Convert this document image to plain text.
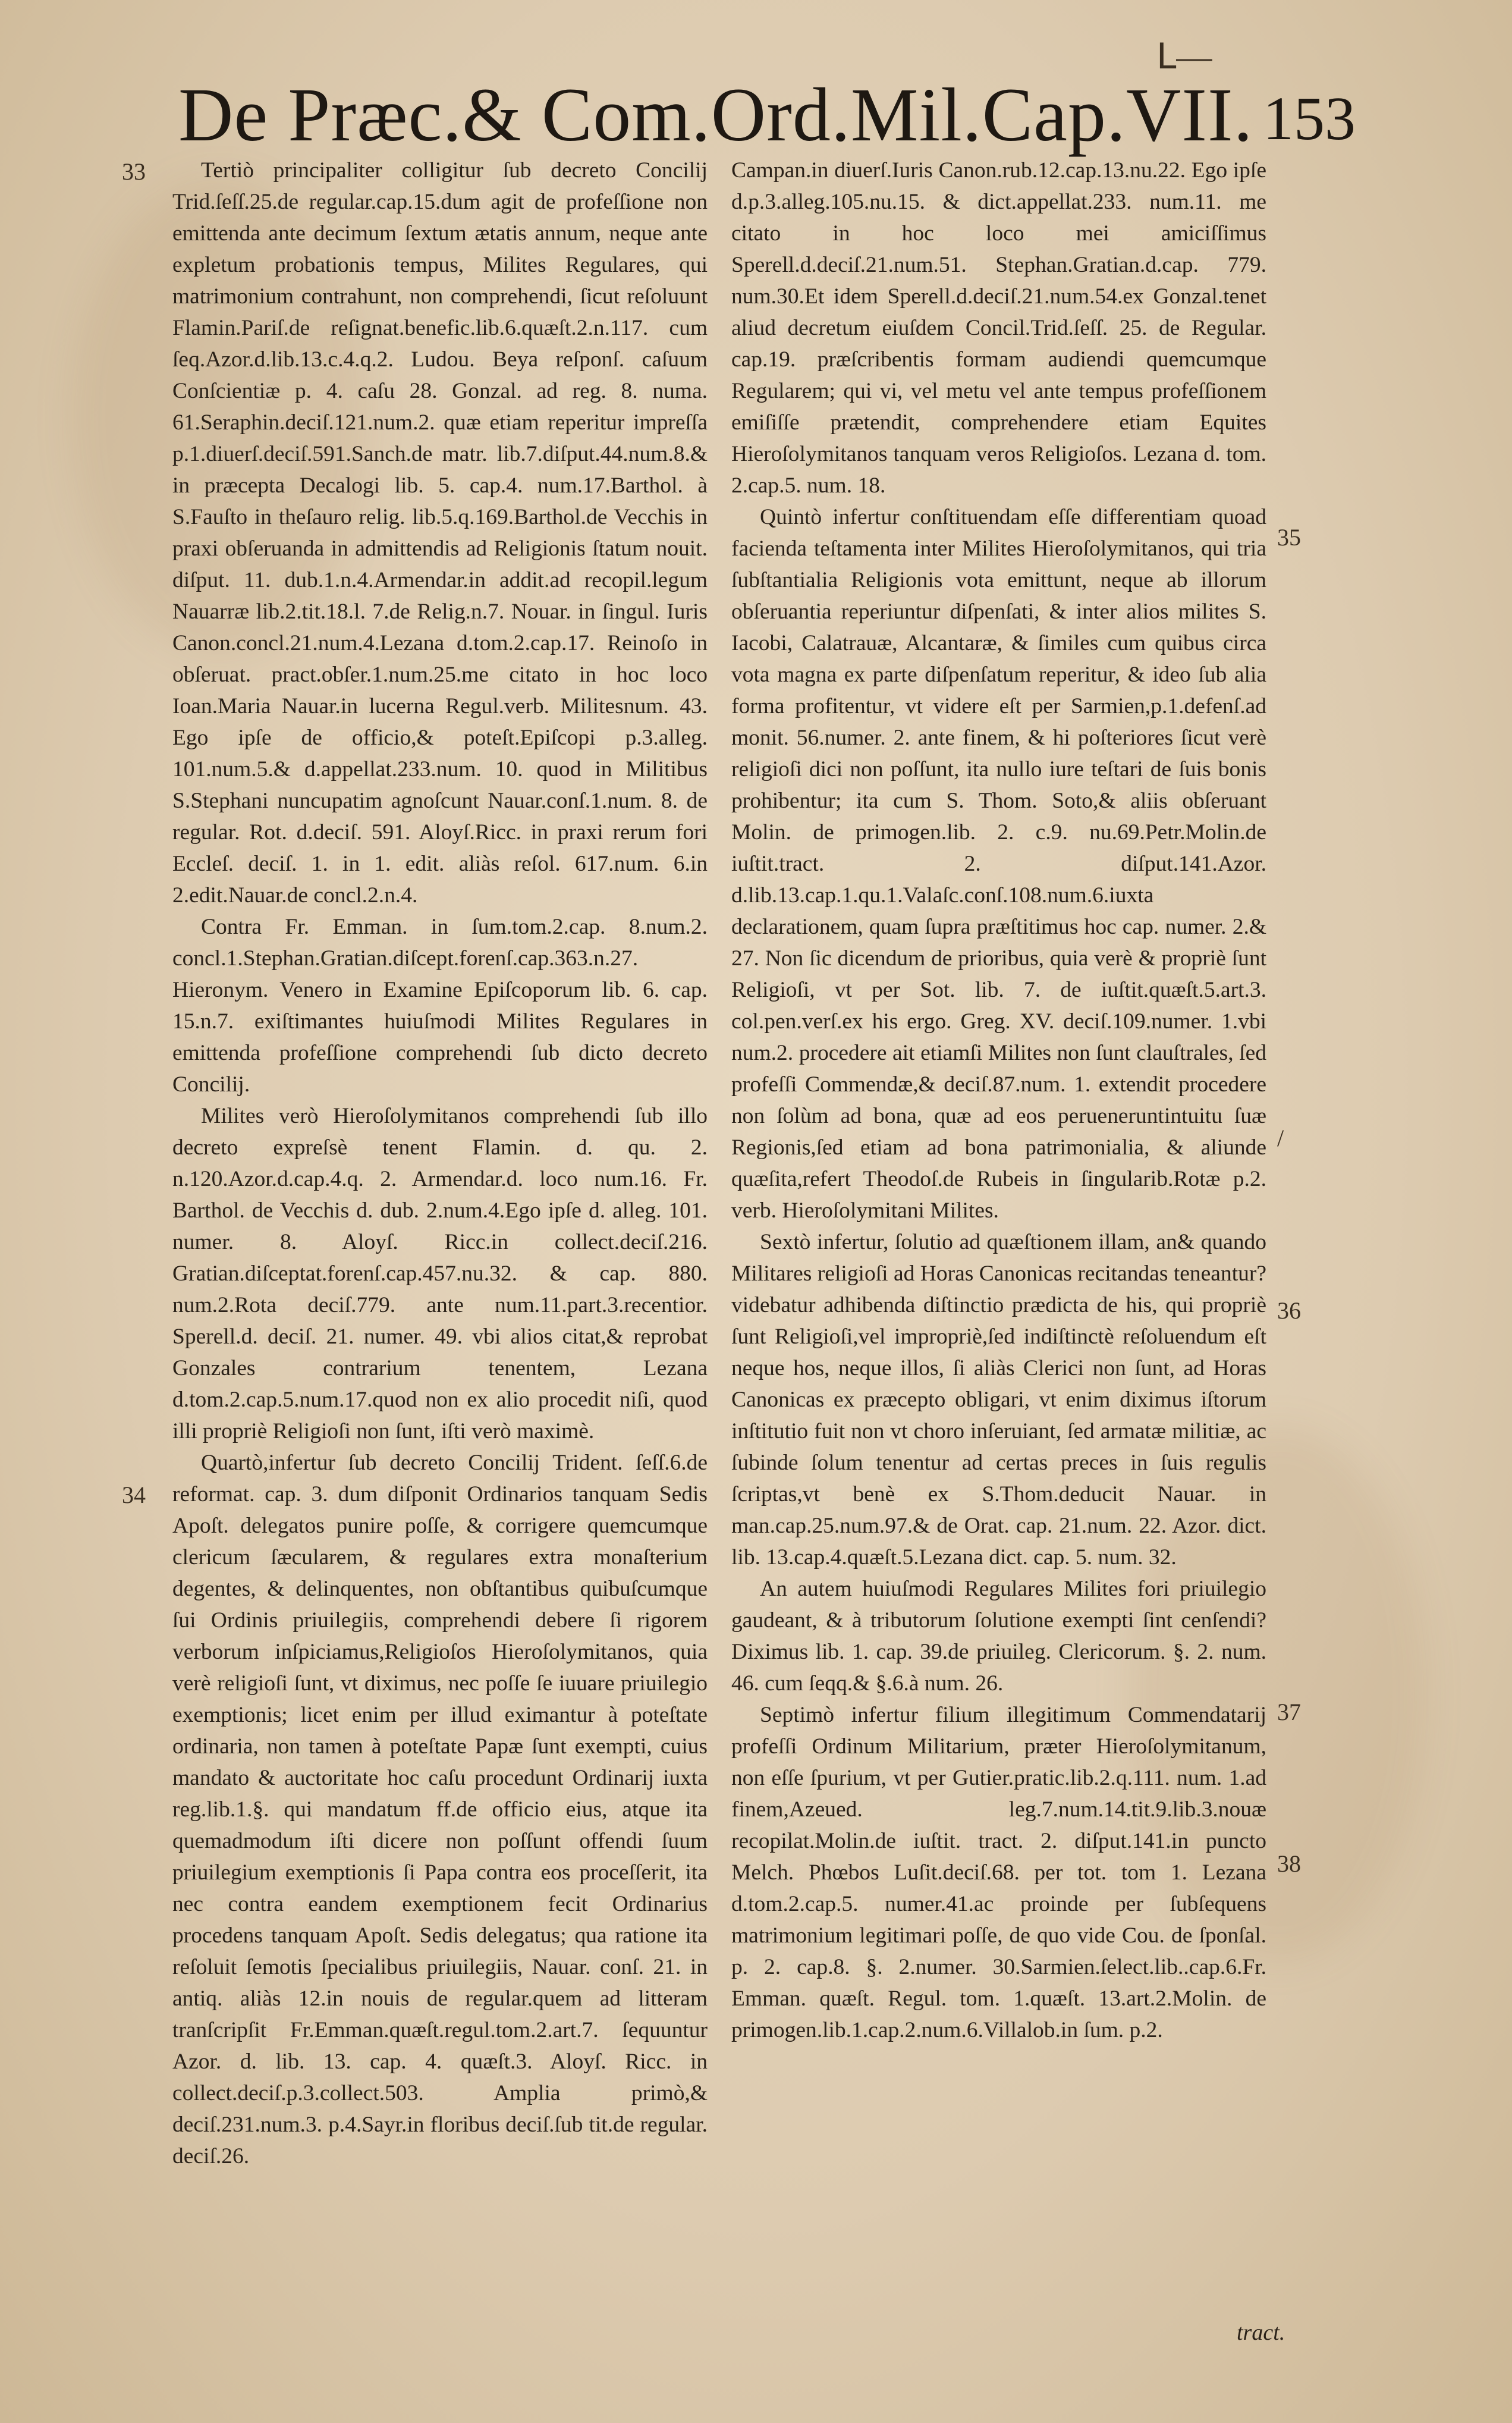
ᒪ—
De Præc.& Com.Ord.Mil.Cap.VII. 153
33
34
35
/
36
37
38

Tertiò principaliter colligitur ſub decreto Concilij Trid.ſeſſ.25.de regular.cap.15.dum agit de profeſſione non emittenda ante decimum ſextum ætatis annum, neque ante expletum probationis tempus, Milites Regulares, qui matrimonium contrahunt, non comprehendi, ſicut reſoluunt Flamin.Pariſ.de reſignat.benefic.lib.6.quæſt.2.n.117. cum ſeq.Azor.d.lib.13.c.4.q.2. Ludou. Beya reſponſ. caſuum Conſcientiæ p. 4. caſu 28. Gonzal. ad reg. 8. numa. 61.Seraphin.deciſ.121.num.2. quæ etiam reperitur impreſſa p.1.diuerſ.deciſ.591.Sanch.de matr. lib.7.diſput.44.num.8.& in præcepta Decalogi lib. 5. cap.4. num.17.Barthol. à S.Fauſto in theſauro relig. lib.5.q.169.Barthol.de Vecchis in praxi obſeruanda in admittendis ad Religionis ſtatum nouit. diſput. 11. dub.1.n.4.Armendar.in addit.ad recopil.legum Nauarræ lib.2.tit.18.l. 7.de Relig.n.7. Nouar. in ſingul. Iuris Canon.concl.21.num.4.Lezana d.tom.2.cap.17. Reinoſo in obſeruat. pract.obſer.1.num.25.me citato in hoc loco Ioan.Maria Nauar.in lucerna Regul.verb. Militesnum. 43. Ego ipſe de officio,& poteſt.Epiſcopi p.3.alleg. 101.num.5.& d.appellat.233.num. 10. quod in Militibus S.Stephani nuncupatim agnoſcunt Nauar.conſ.1.num. 8. de regular. Rot. d.deciſ. 591. Aloyſ.Ricc. in praxi rerum fori Eccleſ. deciſ. 1. in 1. edit. aliàs reſol. 617.num. 6.in 2.edit.Nauar.de concl.2.n.4.

Contra Fr. Emman. in ſum.tom.2.cap. 8.num.2. concl.1.Stephan.Gratian.diſcept.forenſ.cap.363.n.27. Hieronym. Venero in Examine Epiſcoporum lib. 6. cap. 15.n.7. exiſtimantes huiuſmodi Milites Regulares in emittenda profeſſione comprehendi ſub dicto decreto Concilij.

Milites verò Hieroſolymitanos comprehendi ſub illo decreto expreſsè tenent Flamin. d. qu. 2. n.120.Azor.d.cap.4.q. 2. Armendar.d. loco num.16. Fr. Barthol. de Vecchis d. dub. 2.num.4.Ego ipſe d. alleg. 101. numer. 8. Aloyſ. Ricc.in collect.deciſ.216. Gratian.diſceptat.forenſ.cap.457.nu.32. & cap. 880. num.2.Rota deciſ.779. ante num.11.part.3.recentior. Sperell.d. deciſ. 21. numer. 49. vbi alios citat,& reprobat Gonzales contrarium tenentem, Lezana d.tom.2.cap.5.num.17.quod non ex alio procedit niſi, quod illi propriè Religioſi non ſunt, iſti verò maximè.

Quartò,infertur ſub decreto Concilij Trident. ſeſſ.6.de reformat. cap. 3. dum diſponit Ordinarios tanquam Sedis Apoſt. delegatos punire poſſe, & corrigere quemcumque clericum ſæcularem, & regulares extra monaſterium degentes, & delinquentes, non obſtantibus quibuſcumque ſui Ordinis priuilegiis, comprehendi debere ſi rigorem verborum inſpiciamus,Religioſos Hieroſolymitanos, quia verè religioſi ſunt, vt diximus, nec poſſe ſe iuuare priuilegio exemptionis; licet enim per illud eximantur à poteſtate ordinaria, non tamen à poteſtate Papæ ſunt exempti, cuius mandato & auctoritate hoc caſu procedunt Ordinarij iuxta reg.lib.1.§. qui mandatum ff.de officio eius, atque ita quemadmodum iſti dicere non poſſunt offendi ſuum priuilegium exemptionis ſi Papa contra eos proceſſerit, ita nec contra eandem exemptionem fecit Ordinarius procedens tanquam Apoſt. Sedis delegatus; qua ratione ita reſoluit ſemotis ſpecialibus priuilegiis, Nauar. conſ. 21. in antiq. aliàs 12.in nouis de regular.quem ad litteram tranſcripſit Fr.Emman.quæſt.regul.tom.2.art.7. ſequuntur Azor. d. lib. 13. cap. 4. quæſt.3. Aloyſ. Ricc. in collect.deciſ.p.3.collect.503. Amplia primò,& deciſ.231.num.3. p.4.Sayr.in floribus deciſ.ſub tit.de regular. deciſ.26.

Campan.in diuerſ.Iuris Canon.rub.12.cap.13.nu.22. Ego ipſe d.p.3.alleg.105.nu.15. & dict.appellat.233. num.11. me citato in hoc loco mei amiciſſimus Sperell.d.deciſ.21.num.51. Stephan.Gratian.d.cap. 779. num.30.Et idem Sperell.d.deciſ.21.num.54.ex Gonzal.tenet aliud decretum eiuſdem Concil.Trid.ſeſſ. 25. de Regular. cap.19. præſcribentis formam audiendi quemcumque Regularem; qui vi, vel metu vel ante tempus profeſſionem emiſiſſe prætendit, comprehendere etiam Equites Hieroſolymitanos tanquam veros Religioſos. Lezana d. tom. 2.cap.5. num. 18.

Quintò infertur conſtituendam eſſe differentiam quoad facienda teſtamenta inter Milites Hieroſolymitanos, qui tria ſubſtantialia Religionis vota emittunt, neque ab illorum obſeruantia reperiuntur diſpenſati, & inter alios milites S. Iacobi, Calatrauæ, Alcantaræ, & ſimiles cum quibus circa vota magna ex parte diſpenſatum reperitur, & ideo ſub alia forma profitentur, vt videre eſt per Sarmien,p.1.defenſ.ad monit. 56.numer. 2. ante finem, & hi poſteriores ſicut verè religioſi dici non poſſunt, ita nullo iure teſtari de ſuis bonis prohibentur; ita cum S. Thom. Soto,& aliis obſeruant Molin. de primogen.lib. 2. c.9. nu.69.Petr.Molin.de iuſtit.tract. 2. diſput.141.Azor. d.lib.13.cap.1.qu.1.Valaſc.conſ.108.num.6.iuxta declarationem, quam ſupra præſtitimus hoc cap. numer. 2.& 27. Non ſic dicendum de prioribus, quia verè & propriè ſunt Religioſi, vt per Sot. lib. 7. de iuſtit.quæſt.5.art.3. col.pen.verſ.ex his ergo. Greg. XV. deciſ.109.numer. 1.vbi num.2. procedere ait etiamſi Milites non ſunt clauſtrales, ſed profeſſi Commendæ,& deciſ.87.num. 1. extendit procedere non ſolùm ad bona, quæ ad eos perueneruntintuitu ſuæ Regionis,ſed etiam ad bona patrimonialia, & aliunde quæſita,refert Theodoſ.de Rubeis in ſingularib.Rotæ p.2. verb. Hieroſolymitani Milites.

Sextò infertur, ſolutio ad quæſtionem illam, an& quando Militares religioſi ad Horas Canonicas recitandas teneantur? videbatur adhibenda diſtinctio prædicta de his, qui propriè ſunt Religioſi,vel impropriè,ſed indiſtinctè reſoluendum eſt neque hos, neque illos, ſi aliàs Clerici non ſunt, ad Horas Canonicas ex præcepto obligari, vt enim diximus iſtorum inſtitutio fuit non vt choro inſeruiant, ſed armatæ militiæ, ac ſubinde ſolum tenentur ad certas preces in ſuis regulis ſcriptas,vt benè ex S.Thom.deducit Nauar. in man.cap.25.num.97.& de Orat. cap. 21.num. 22. Azor. dict. lib. 13.cap.4.quæſt.5.Lezana dict. cap. 5. num. 32.

An autem huiuſmodi Regulares Milites fori priuilegio gaudeant, & à tributorum ſolutione exempti ſint cenſendi? Diximus lib. 1. cap. 39.de priuileg. Clericorum. §. 2. num. 46. cum ſeqq.& §.6.à num. 26.

Septimò infertur filium illegitimum Commendatarij profeſſi Ordinum Militarium, præter Hieroſolymitanum, non eſſe ſpurium, vt per Gutier.pratic.lib.2.q.111. num. 1.ad finem,Azeued. leg.7.num.14.tit.9.lib.3.nouæ recopilat.Molin.de iuſtit. tract. 2. diſput.141.in puncto Melch. Phœbos Luſit.deciſ.68. per tot. tom 1. Lezana d.tom.2.cap.5. numer.41.ac proinde per ſubſequens matrimonium legitimari poſſe, de quo vide Cou. de ſponſal. p. 2. cap.8. §. 2.numer. 30.Sarmien.ſelect.lib..cap.6.Fr. Emman. quæſt. Regul. tom. 1.quæſt. 13.art.2.Molin. de primogen.lib.1.cap.2.num.6.Villalob.in ſum. p.2.

tract.
